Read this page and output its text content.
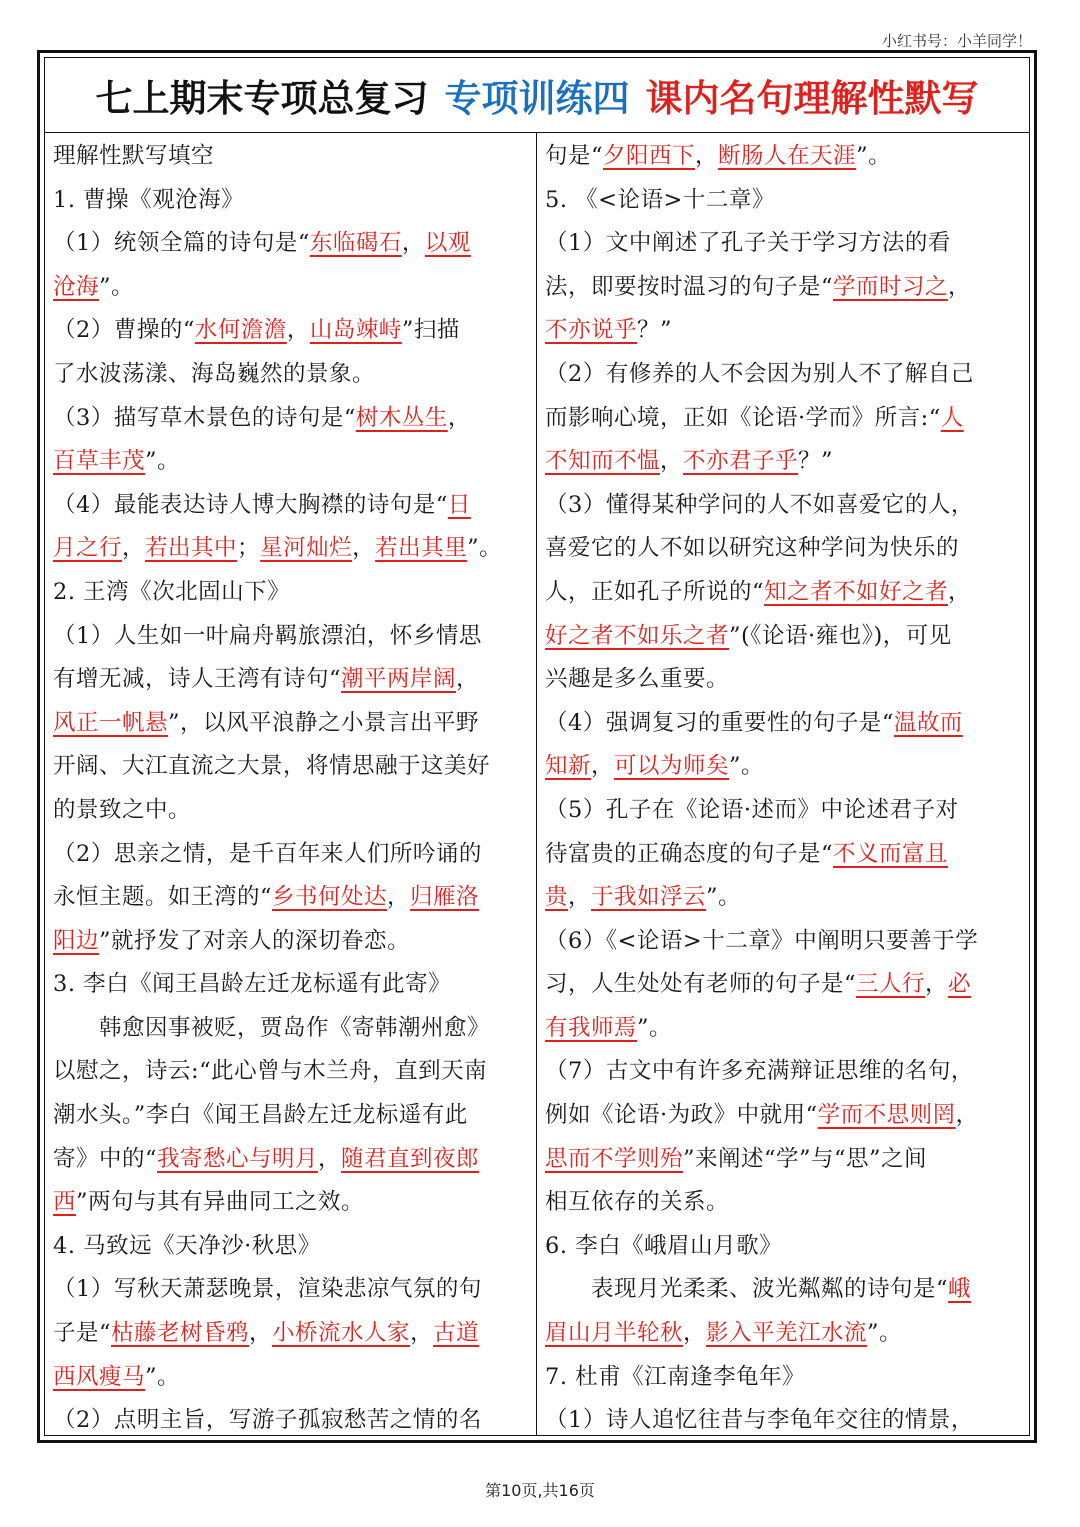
小红书号：小羊同学！
七上期末专项总复习 专项训练四 课内名句理解性默写
理解性默写填空
1. 曹操《观沧海》
（1）统领全篇的诗句是“东临碣石，以观
沧海”。
（2）曹操的“水何澹澹，山岛竦峙”扫描
了水波荡漾、海岛巍然的景象。
（3）描写草木景色的诗句是“树木丛生，
百草丰茂”。
（4）最能表达诗人博大胸襟的诗句是“日
月之行，若出其中；星河灿烂，若出其里”。
2. 王湾《次北固山下》
（1）人生如一叶扁舟羁旅漂泊，怀乡情思
有增无减，诗人王湾有诗句“潮平两岸阔，
风正一帆悬”，以风平浪静之小景言出平野
开阔、大江直流之大景，将情思融于这美好
的景致之中。
（2）思亲之情，是千百年来人们所吟诵的
永恒主题。如王湾的“乡书何处达，归雁洛
阳边”就抒发了对亲人的深切眷恋。
3. 李白《闻王昌龄左迁龙标遥有此寄》
韩愈因事被贬，贾岛作《寄韩潮州愈》
以慰之，诗云:“此心曾与木兰舟，直到天南
潮水头。”李白《闻王昌龄左迁龙标遥有此
寄》中的“我寄愁心与明月，随君直到夜郎
西”两句与其有异曲同工之效。
4. 马致远《天净沙·秋思》
（1）写秋天萧瑟晚景，渲染悲凉气氛的句
子是“枯藤老树昏鸦，小桥流水人家，古道
西风瘦马”。
（2）点明主旨，写游子孤寂愁苦之情的名
句是“夕阳西下，断肠人在天涯”。
5. 《<论语>十二章》
（1）文中阐述了孔子关于学习方法的看
法，即要按时温习的句子是“学而时习之，
不亦说乎？”
（2）有修养的人不会因为别人不了解自己
而影响心境，正如《论语·学而》所言:“人
不知而不愠，不亦君子乎？”
（3）懂得某种学问的人不如喜爱它的人，
喜爱它的人不如以研究这种学问为快乐的
人，正如孔子所说的“知之者不如好之者，
好之者不如乐之者”(《论语·雍也》)，可见
兴趣是多么重要。
（4）强调复习的重要性的句子是“温故而
知新，可以为师矣”。
（5）孔子在《论语·述而》中论述君子对
待富贵的正确态度的句子是“不义而富且
贵，于我如浮云”。
（6）《<论语>十二章》中阐明只要善于学
习，人生处处有老师的句子是“三人行，必
有我师焉”。
（7）古文中有许多充满辩证思维的名句，
例如《论语·为政》中就用“学而不思则罔，
思而不学则殆”来阐述“学”与“思”之间
相互依存的关系。
6. 李白《峨眉山月歌》
表现月光柔柔、波光粼粼的诗句是“峨
眉山月半轮秋，影入平羌江水流”。
7. 杜甫《江南逢李龟年》
（1）诗人追忆往昔与李龟年交往的情景，
第10页,共16页
